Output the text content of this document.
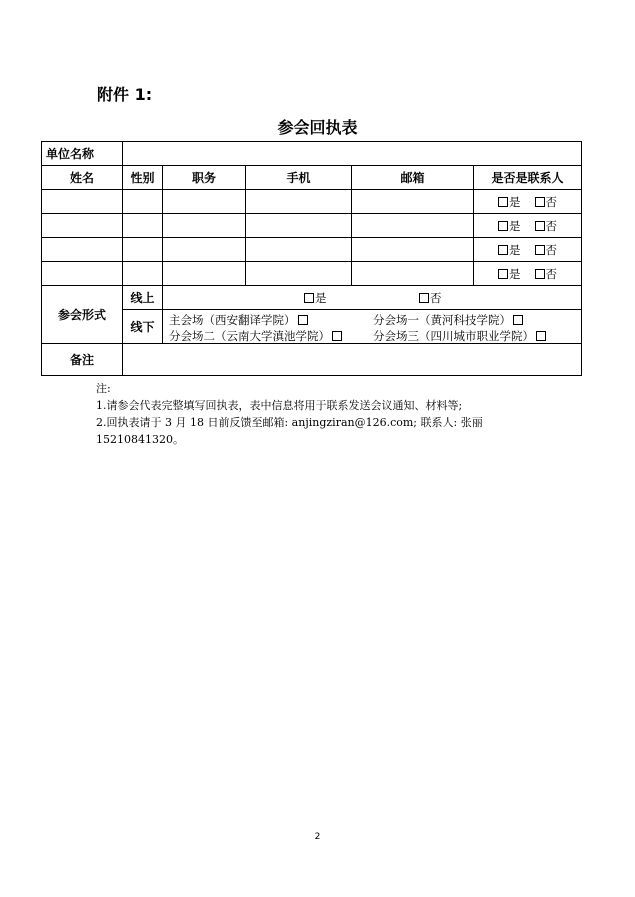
附件 1:
参会回执表
单位名称					
姓名	性别	职务	手机	邮箱	是否是联系人
					是 否
					是 否
					是 否
					是 否
参会形式	线上	是 否			

	线下	主会场（西安翻译学院） 分会场一（黄河科技学院）
分会场二（云南大学滇池学院） 分会场三（四川城市职业学院）			

备注					
注:
1.请参会代表完整填写回执表，表中信息将用于联系发送会议通知、材料等;
2.回执表请于 3 月 18 日前反馈至邮箱: anjingziran@126.com; 联系人: 张丽
15210841320。
2
